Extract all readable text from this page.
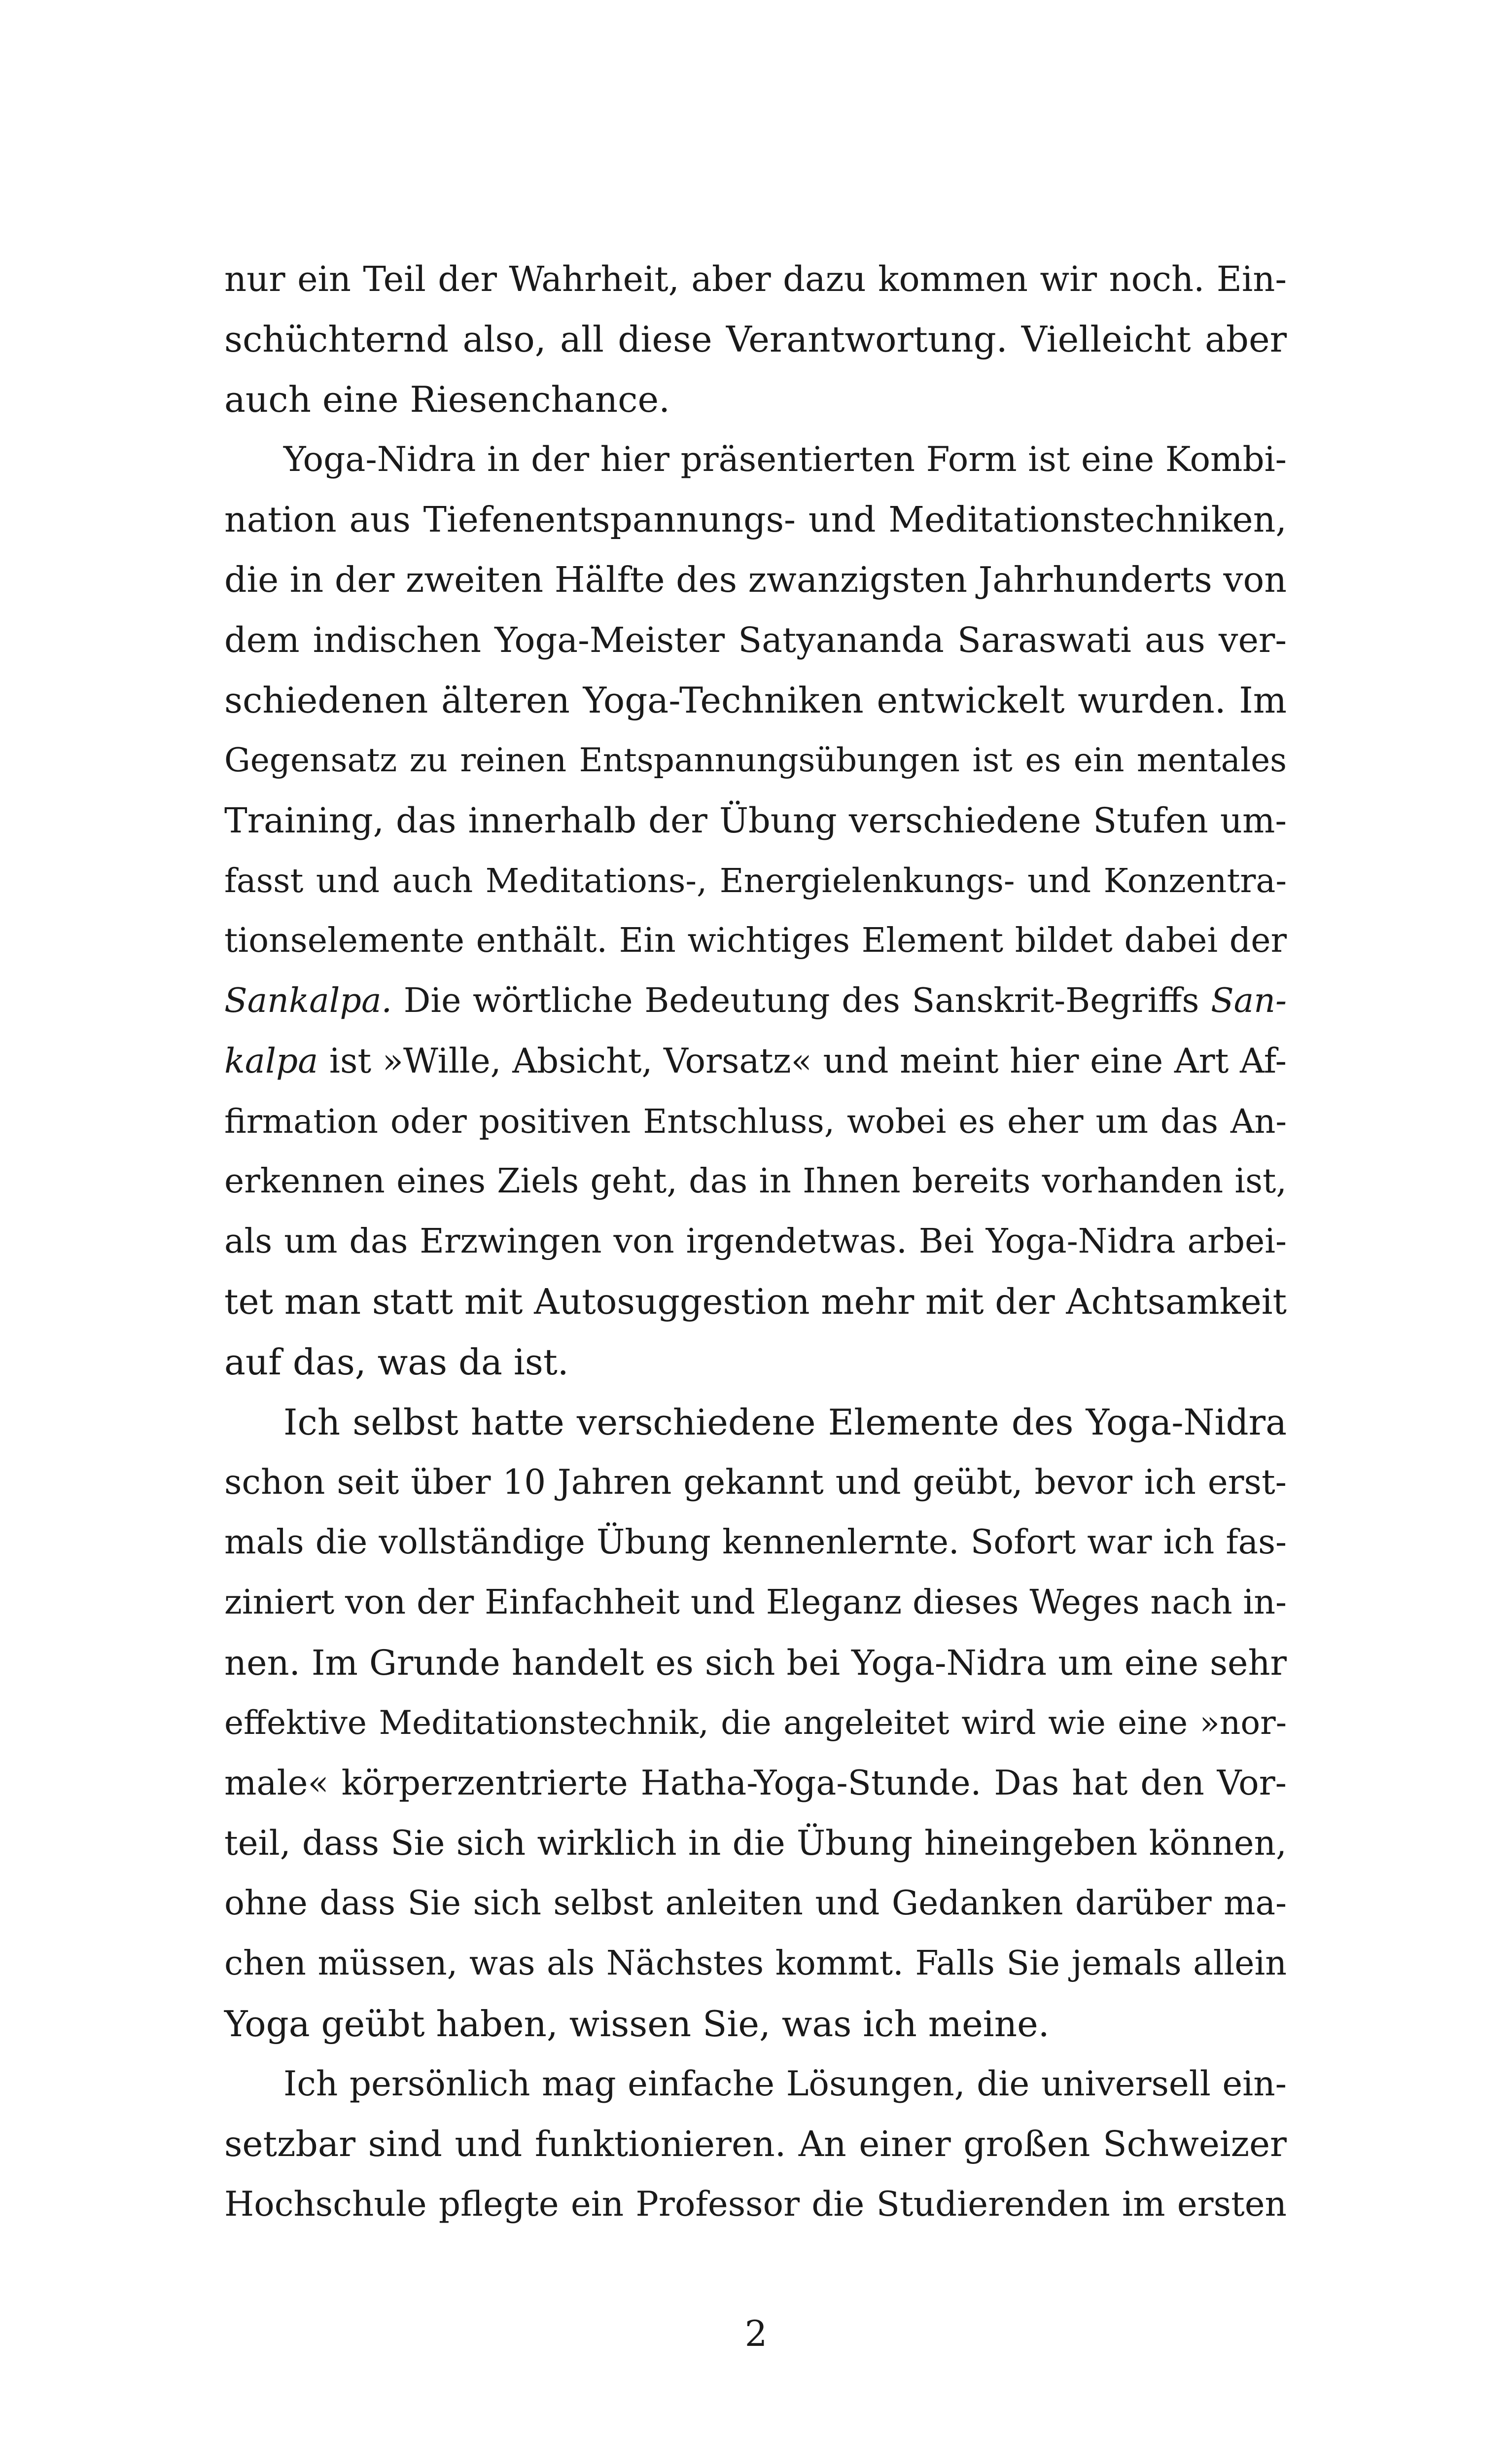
nur ein Teil der Wahrheit, aber dazu kommen wir noch. Ein-
schüchternd also, all diese Verantwortung. Vielleicht aber
auch eine Riesenchance.
Yoga-Nidra in der hier präsentierten Form ist eine Kombi-
nation aus Tiefenentspannungs- und Meditationstechniken,
die in der zweiten Hälfte des zwanzigsten Jahrhunderts von
dem indischen Yoga-Meister Satyananda Saraswati aus ver-
schiedenen älteren Yoga-Techniken entwickelt wurden. Im
Gegensatz zu reinen Entspannungsübungen ist es ein mentales
Training, das innerhalb der Übung verschiedene Stufen um-
fasst und auch Meditations-, Energielenkungs- und Konzentra-
tionselemente enthält. Ein wichtiges Element bildet dabei der
Sankalpa. Die wörtliche Bedeutung des Sanskrit-Begriffs San-
kalpa ist »Wille, Absicht, Vorsatz« und meint hier eine Art Af-
firmation oder positiven Entschluss, wobei es eher um das An-
erkennen eines Ziels geht, das in Ihnen bereits vorhanden ist,
als um das Erzwingen von irgendetwas. Bei Yoga-Nidra arbei-
tet man statt mit Autosuggestion mehr mit der Achtsamkeit
auf das, was da ist.
Ich selbst hatte verschiedene Elemente des Yoga-Nidra
schon seit über 10 Jahren gekannt und geübt, bevor ich erst-
mals die vollständige Übung kennenlernte. Sofort war ich fas-
ziniert von der Einfachheit und Eleganz dieses Weges nach in-
nen. Im Grunde handelt es sich bei Yoga-Nidra um eine sehr
effektive Meditationstechnik, die angeleitet wird wie eine »nor-
male« körperzentrierte Hatha-Yoga-Stunde. Das hat den Vor-
teil, dass Sie sich wirklich in die Übung hineingeben können,
ohne dass Sie sich selbst anleiten und Gedanken darüber ma-
chen müssen, was als Nächstes kommt. Falls Sie jemals allein
Yoga geübt haben, wissen Sie, was ich meine.
Ich persönlich mag einfache Lösungen, die universell ein-
setzbar sind und funktionieren. An einer großen Schweizer
Hochschule pflegte ein Professor die Studierenden im ersten
2
